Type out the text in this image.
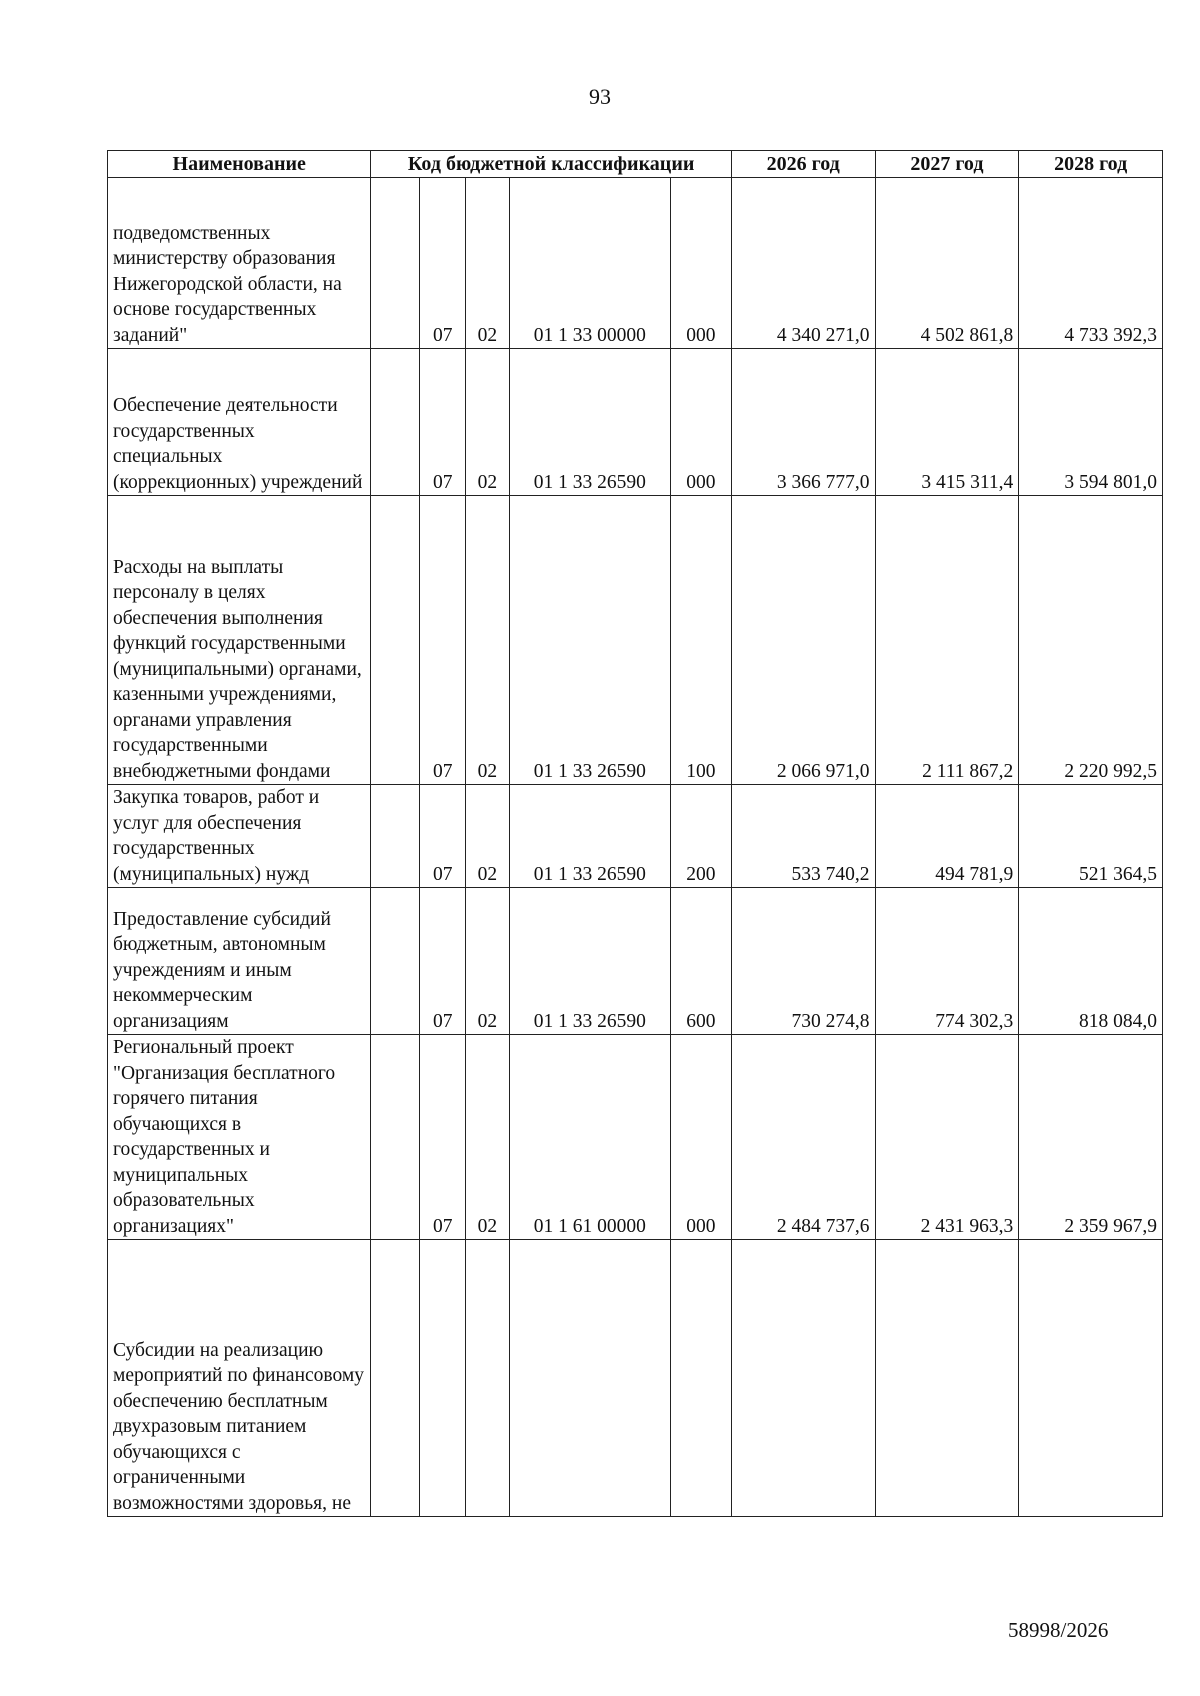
93
Наименование	Код бюджетной классификации					2026 год	2027 год	2028 год
подведомственных министерству образования Нижегородской области, на основе государственных заданий"		07	02	01 1 33 00000	000	4 340 271,0	4 502 861,8	4 733 392,3
Обеспечение деятельности государственных специальных (коррекционных) учреждений		07	02	01 1 33 26590	000	3 366 777,0	3 415 311,4	3 594 801,0
Расходы на выплаты персоналу в целях обеспечения выполнения функций государственными (муниципальными) органами, казенными учреждениями, органами управления государственными внебюджетными фондами		07	02	01 1 33 26590	100	2 066 971,0	2 111 867,2	2 220 992,5
Закупка товаров, работ и услуг для обеспечения государственных (муниципальных) нужд		07	02	01 1 33 26590	200	533 740,2	494 781,9	521 364,5
Предоставление субсидий бюджетным, автономным учреждениям и иным некоммерческим организациям		07	02	01 1 33 26590	600	730 274,8	774 302,3	818 084,0
Региональный проект "Организация бесплатного горячего питания обучающихся в государственных и муниципальных образовательных организациях"		07	02	01 1 61 00000	000	2 484 737,6	2 431 963,3	2 359 967,9
Субсидии на реализацию мероприятий по финансовому обеспечению бесплатным двухразовым питанием обучающихся с ограниченными возможностями здоровья, не								
58998/2026
